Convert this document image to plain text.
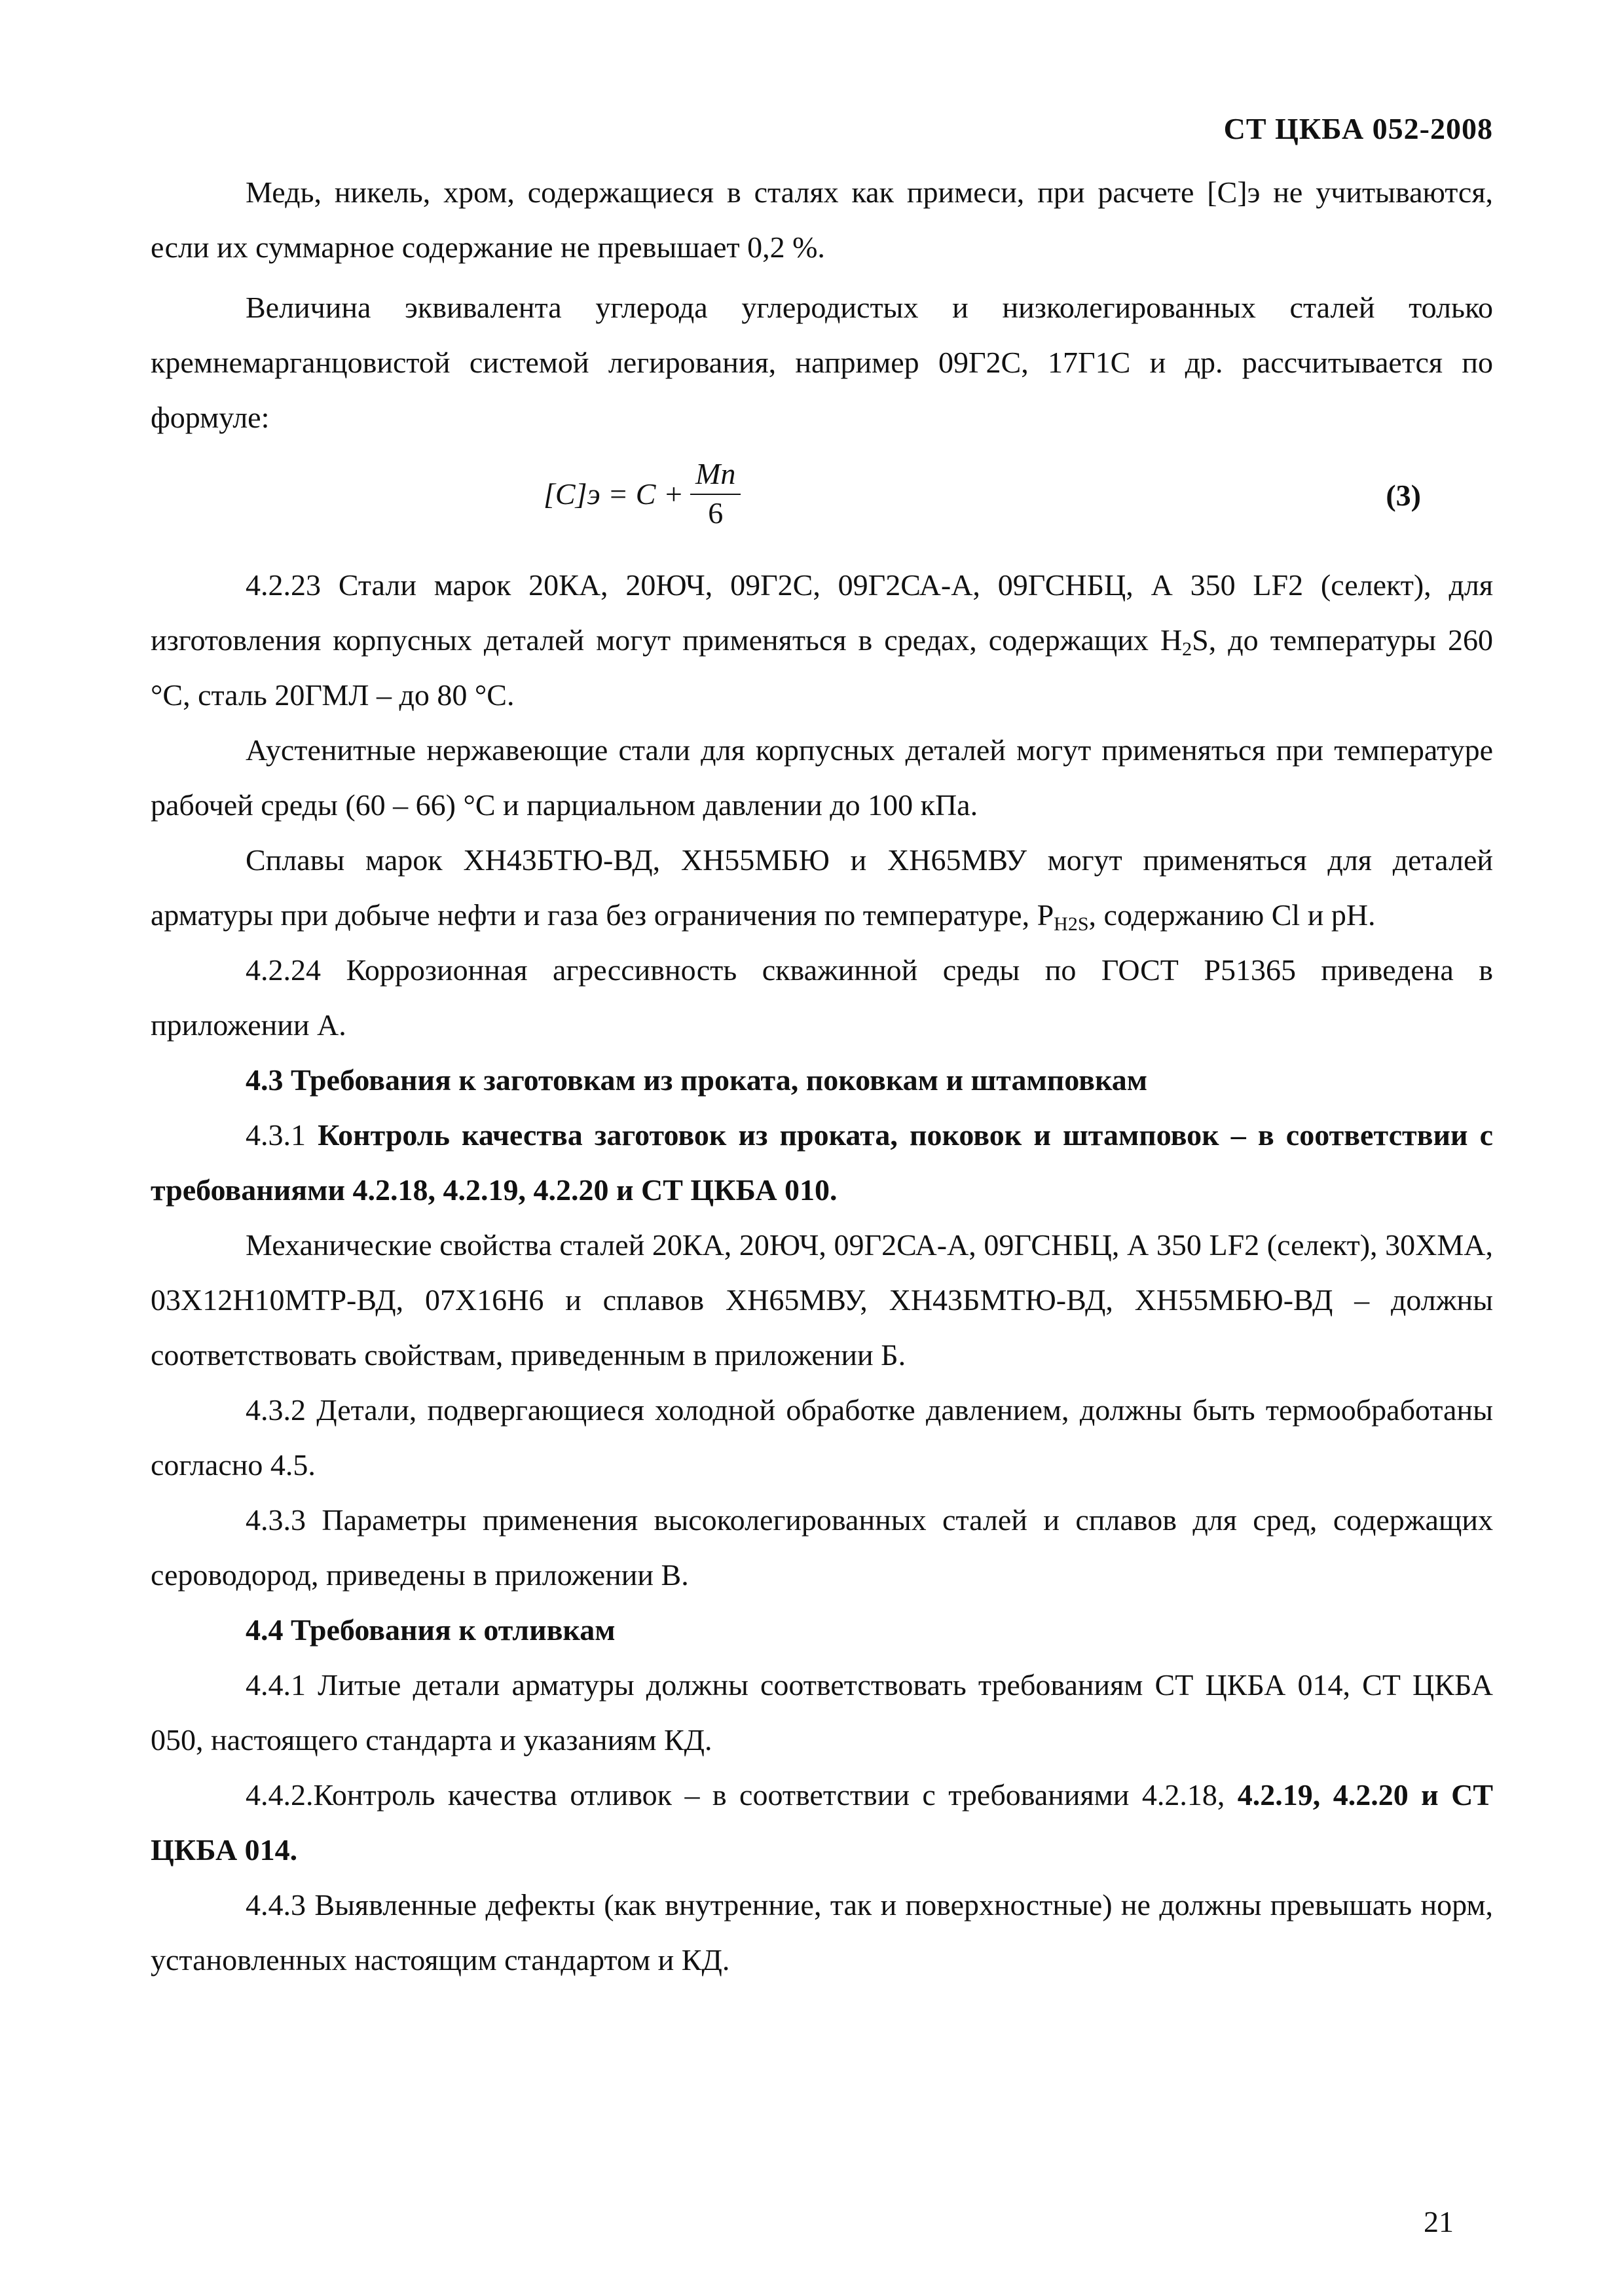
СТ ЦКБА 052-2008

Медь, никель, хром, содержащиеся в сталях как примеси, при расчете [С]э не учитываются, если их суммарное содержание не превышает 0,2 %.

Величина эквивалента углерода углеродистых и низколегированных сталей только кремнемарганцовистой системой легирования, например 09Г2С, 17Г1С и др. рассчитывается по формуле:

$[C]э = C + \frac{Mn}{6}$	(3)

4.2.23 Стали марок 20КА, 20ЮЧ, 09Г2С, 09Г2СА-А, 09ГСНБЦ, А 350 LF2 (селект), для изготовления корпусных деталей могут применяться в средах, содержащих $H_2S$, до температуры 260 °С, сталь 20ГМЛ – до 80 °С.

Аустенитные нержавеющие стали для корпусных деталей могут применяться при температуре рабочей среды (60 – 66) °С и парциальном давлении до 100 кПа.

Сплавы марок ХН43БТЮ-ВД, ХН55МБЮ и ХН65МВУ могут применяться для деталей арматуры при добыче нефти и газа без ограничения по температуре, $Р_{H2S}$, содержанию Cl и pH.

4.2.24 Коррозионная агрессивность скважинной среды по ГОСТ Р51365 приведена в приложении А.

4.3 Требования к заготовкам из проката, поковкам и штамповкам

4.3.1 Контроль качества заготовок из проката, поковок и штамповок – в соответствии с требованиями 4.2.18, 4.2.19, 4.2.20 и СТ ЦКБА 010.

Механические свойства сталей 20КА, 20ЮЧ, 09Г2СА-А, 09ГСНБЦ, А 350 LF2 (селект), 30ХМА, 03Х12Н10МТР-ВД, 07Х16Н6 и сплавов ХН65МВУ, ХН43БМТЮ-ВД, ХН55МБЮ-ВД – должны соответствовать свойствам, приведенным в приложении Б.

4.3.2 Детали, подвергающиеся холодной обработке давлением, должны быть термообработаны согласно 4.5.

4.3.3 Параметры применения высоколегированных сталей и сплавов для сред, содержащих сероводород, приведены в приложении В.

4.4 Требования к отливкам

4.4.1 Литые детали арматуры должны соответствовать требованиям СТ ЦКБА 014, СТ ЦКБА 050, настоящего стандарта и указаниям КД.

4.4.2.Контроль качества отливок – в соответствии с требованиями 4.2.18, 4.2.19, 4.2.20 и СТ ЦКБА 014.

4.4.3 Выявленные дефекты (как внутренние, так и поверхностные) не должны превышать норм, установленных настоящим стандартом и КД.

21
